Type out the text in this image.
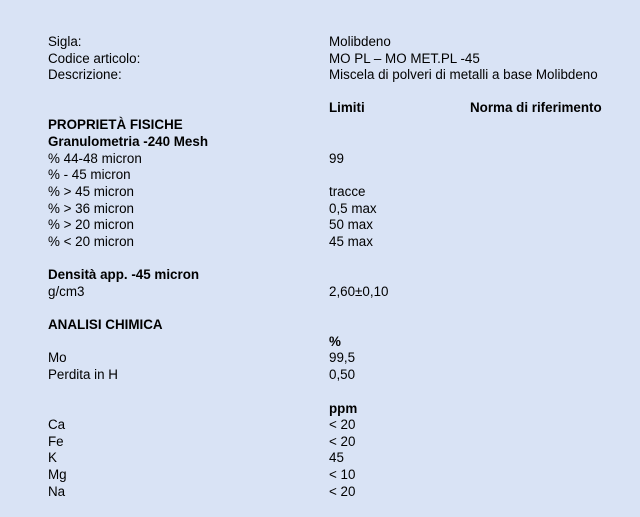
Sigla:	Molibdeno
Codice articolo:	MO PL – MO MET.PL -45
Descrizione:	Miscela di polveri di metalli a base Molibdeno
Limiti	Norma di riferimento
PROPRIETÀ FISICHE
Granulometria -240 Mesh
% 44-48 micron	99
% - 45 micron
% > 45 micron	tracce
% > 36 micron	0,5 max
% > 20 micron	50 max
% < 20 micron	45 max
Densità app. -45 micron
g/cm3	2,60±0,10
ANALISI CHIMICA
%
Mo	99,5
Perdita in H	0,50
ppm
Ca	< 20
Fe	< 20
K	45
Mg	< 10
Na	< 20
